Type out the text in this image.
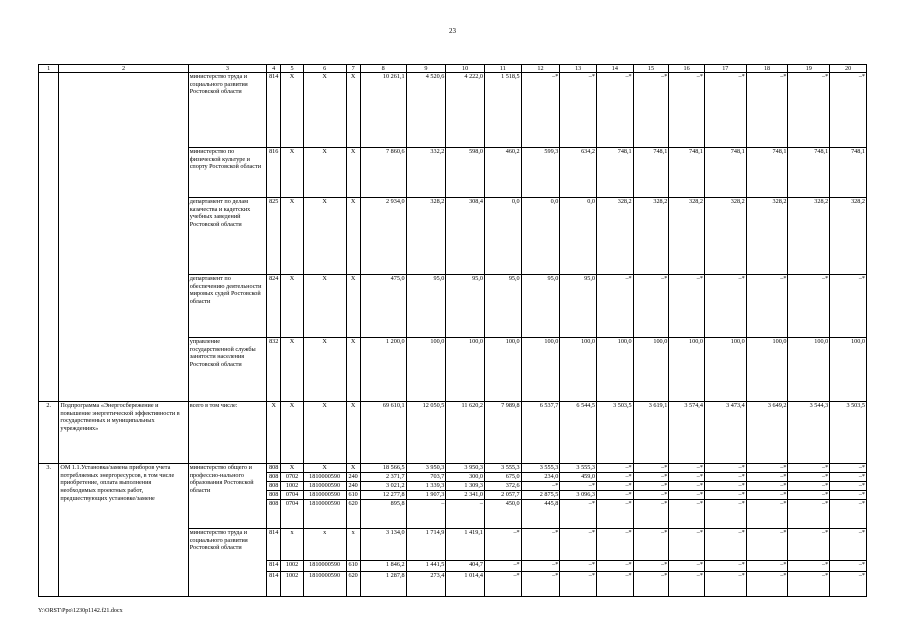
23
1	2	3	4	5	6	7	8	9	10	11	12	13	14	15	16	17	18	19	20
		министерство труда и социального развития Ростовской области	814	X	X	X	10 261,1	4 520,6	4 222,0	1 518,5	–*	–*	–*	–*	–*	–*	–*	–*	–*
		министерство по физической культуре и спорту Ростовской области	816	X	X	X	7 860,6	332,2	598,0	460,2	599,3	634,2	748,1	748,1	748,1	748,1	748,1	748,1	748,1
		департамент по делам казачества и кадетских учебных заведений Ростовской области	825	X	X	X	2 934,0	328,2	308,4	0,0	0,0	0,0	328,2	328,2	328,2	328,2	328,2	328,2	328,2
		департамент по обеспечению деятельности мировых судей Ростовской области	824	X	X	X	475,0	95,0	95,0	95,0	95,0	95,0	–*	–*	–*	–*	–*	–*	–*
		управление государственной службы занятости населения Ростовской области	832	X	X	X	1 200,0	100,0	100,0	100,0	100,0	100,0	100,0	100,0	100,0	100,0	100,0	100,0	100,0
2.	Подпрограмма «Энергосбережение и повышение энергетической эффективности в государственных и муниципальных учреждениях»	всего в том числе:	X	X	X	X	69 610,1	12 050,5	11 620,2	7 989,8	6 537,7	6 544,5	3 503,5	3 619,1	3 574,4	3 473,4	3 649,2	3 544,3	3 503,5
3.	ОМ 1.1.Установка/замена приборов учета потребляемых энергоресурсов, в том числе приобретение, оплата выполнения необходимых проектных работ, предшествующих установке/замене	министерство общего и профессио-нального образования Ростовской области	808	X	X	X	18 566,5	3 950,3	3 950,3	3 555,3	3 555,3	3 555,3	–*	–*	–*	–*	–*	–*	–*
			808	0702	1810000590	240	2 371,7	703,7	300,0	675,0	234,0	459,0	–*	–*	–*	–*	–*	–*	–*
			808	1002	1810000590	240	3 021,2	1 339,3	1 309,3	372,6	–*	–*	–*	–*	–*	–*	–*	–*	–*
			808	0704	1810000590	610	12 277,8	1 907,3	2 341,0	2 057,7	2 875,5	3 096,3	–*	–*	–*	–*	–*	–*	–*
			808	0704	1810000590	620	895,8	–	–	450,0	445,8	–*	–*	–*	–*	–*	–*	–*	–*
		министерство труда и социального развития Ростовской области	814	х	х	х	3 134,0	1 714,9	1 419,1	–*	–*	–*	–*	–*	–*	–*	–*	–*	–*
			814	1002	1810000590	610	1 846,2	1 441,5	404,7	–*	–*	–*	–*	–*	–*	–*	–*	–*	–*
			814	1002	1810000590	620	1 287,8	273,4	1 014,4	–*	–*	–*	–*	–*	–*	–*	–*	–*	–*
Y:\ORST\Ppo\1230p1142.f21.docx
